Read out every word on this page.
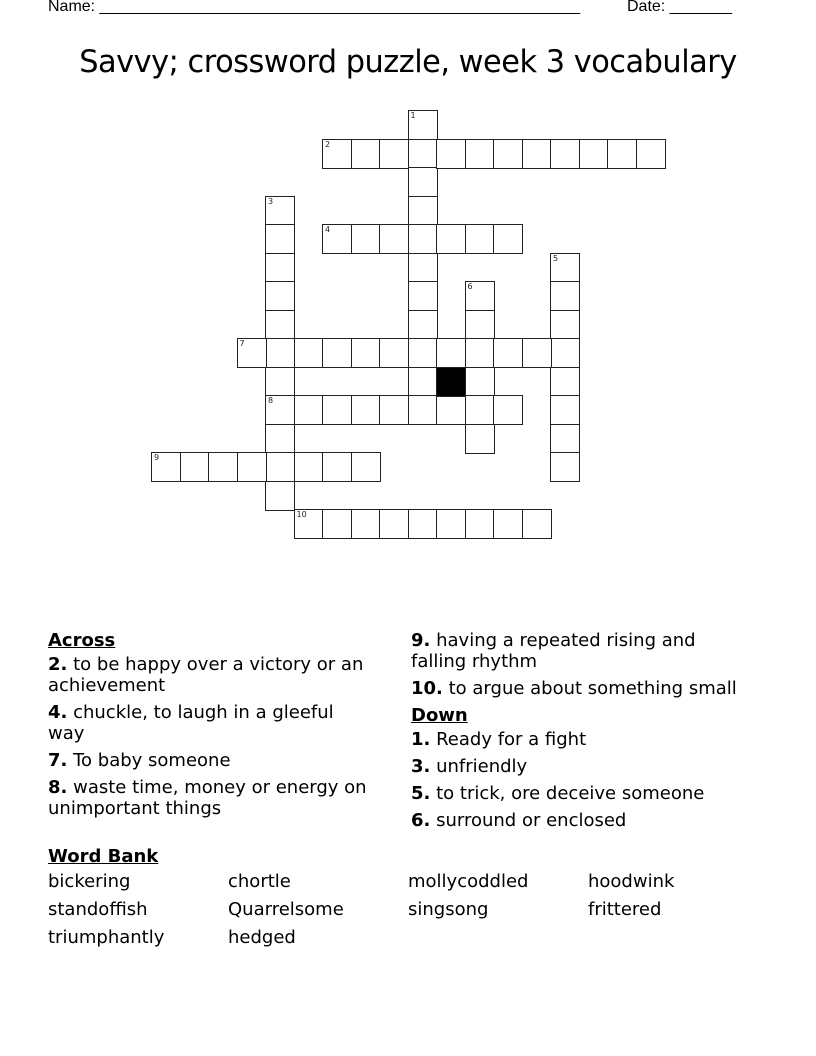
Name: ______________________________________________________	Date: _______
Savvy; crossword puzzle, week 3 vocabulary
1
2
3
8
4
5
6
7
9
10
Across
2. to be happy over a victory or an achievement
4. chuckle, to laugh in a gleeful way
7. To baby someone
8. waste time, money or energy on unimportant things
9. having a repeated rising and falling rhythm
10. to argue about something small
Down
1. Ready for a fight
3. unfriendly
5. to trick, ore deceive someone
6. surround or enclosed
Word Bank
bickering	chortle	mollycoddled	hoodwink
standoffish	Quarrelsome	singsong	frittered
triumphantly	hedged
